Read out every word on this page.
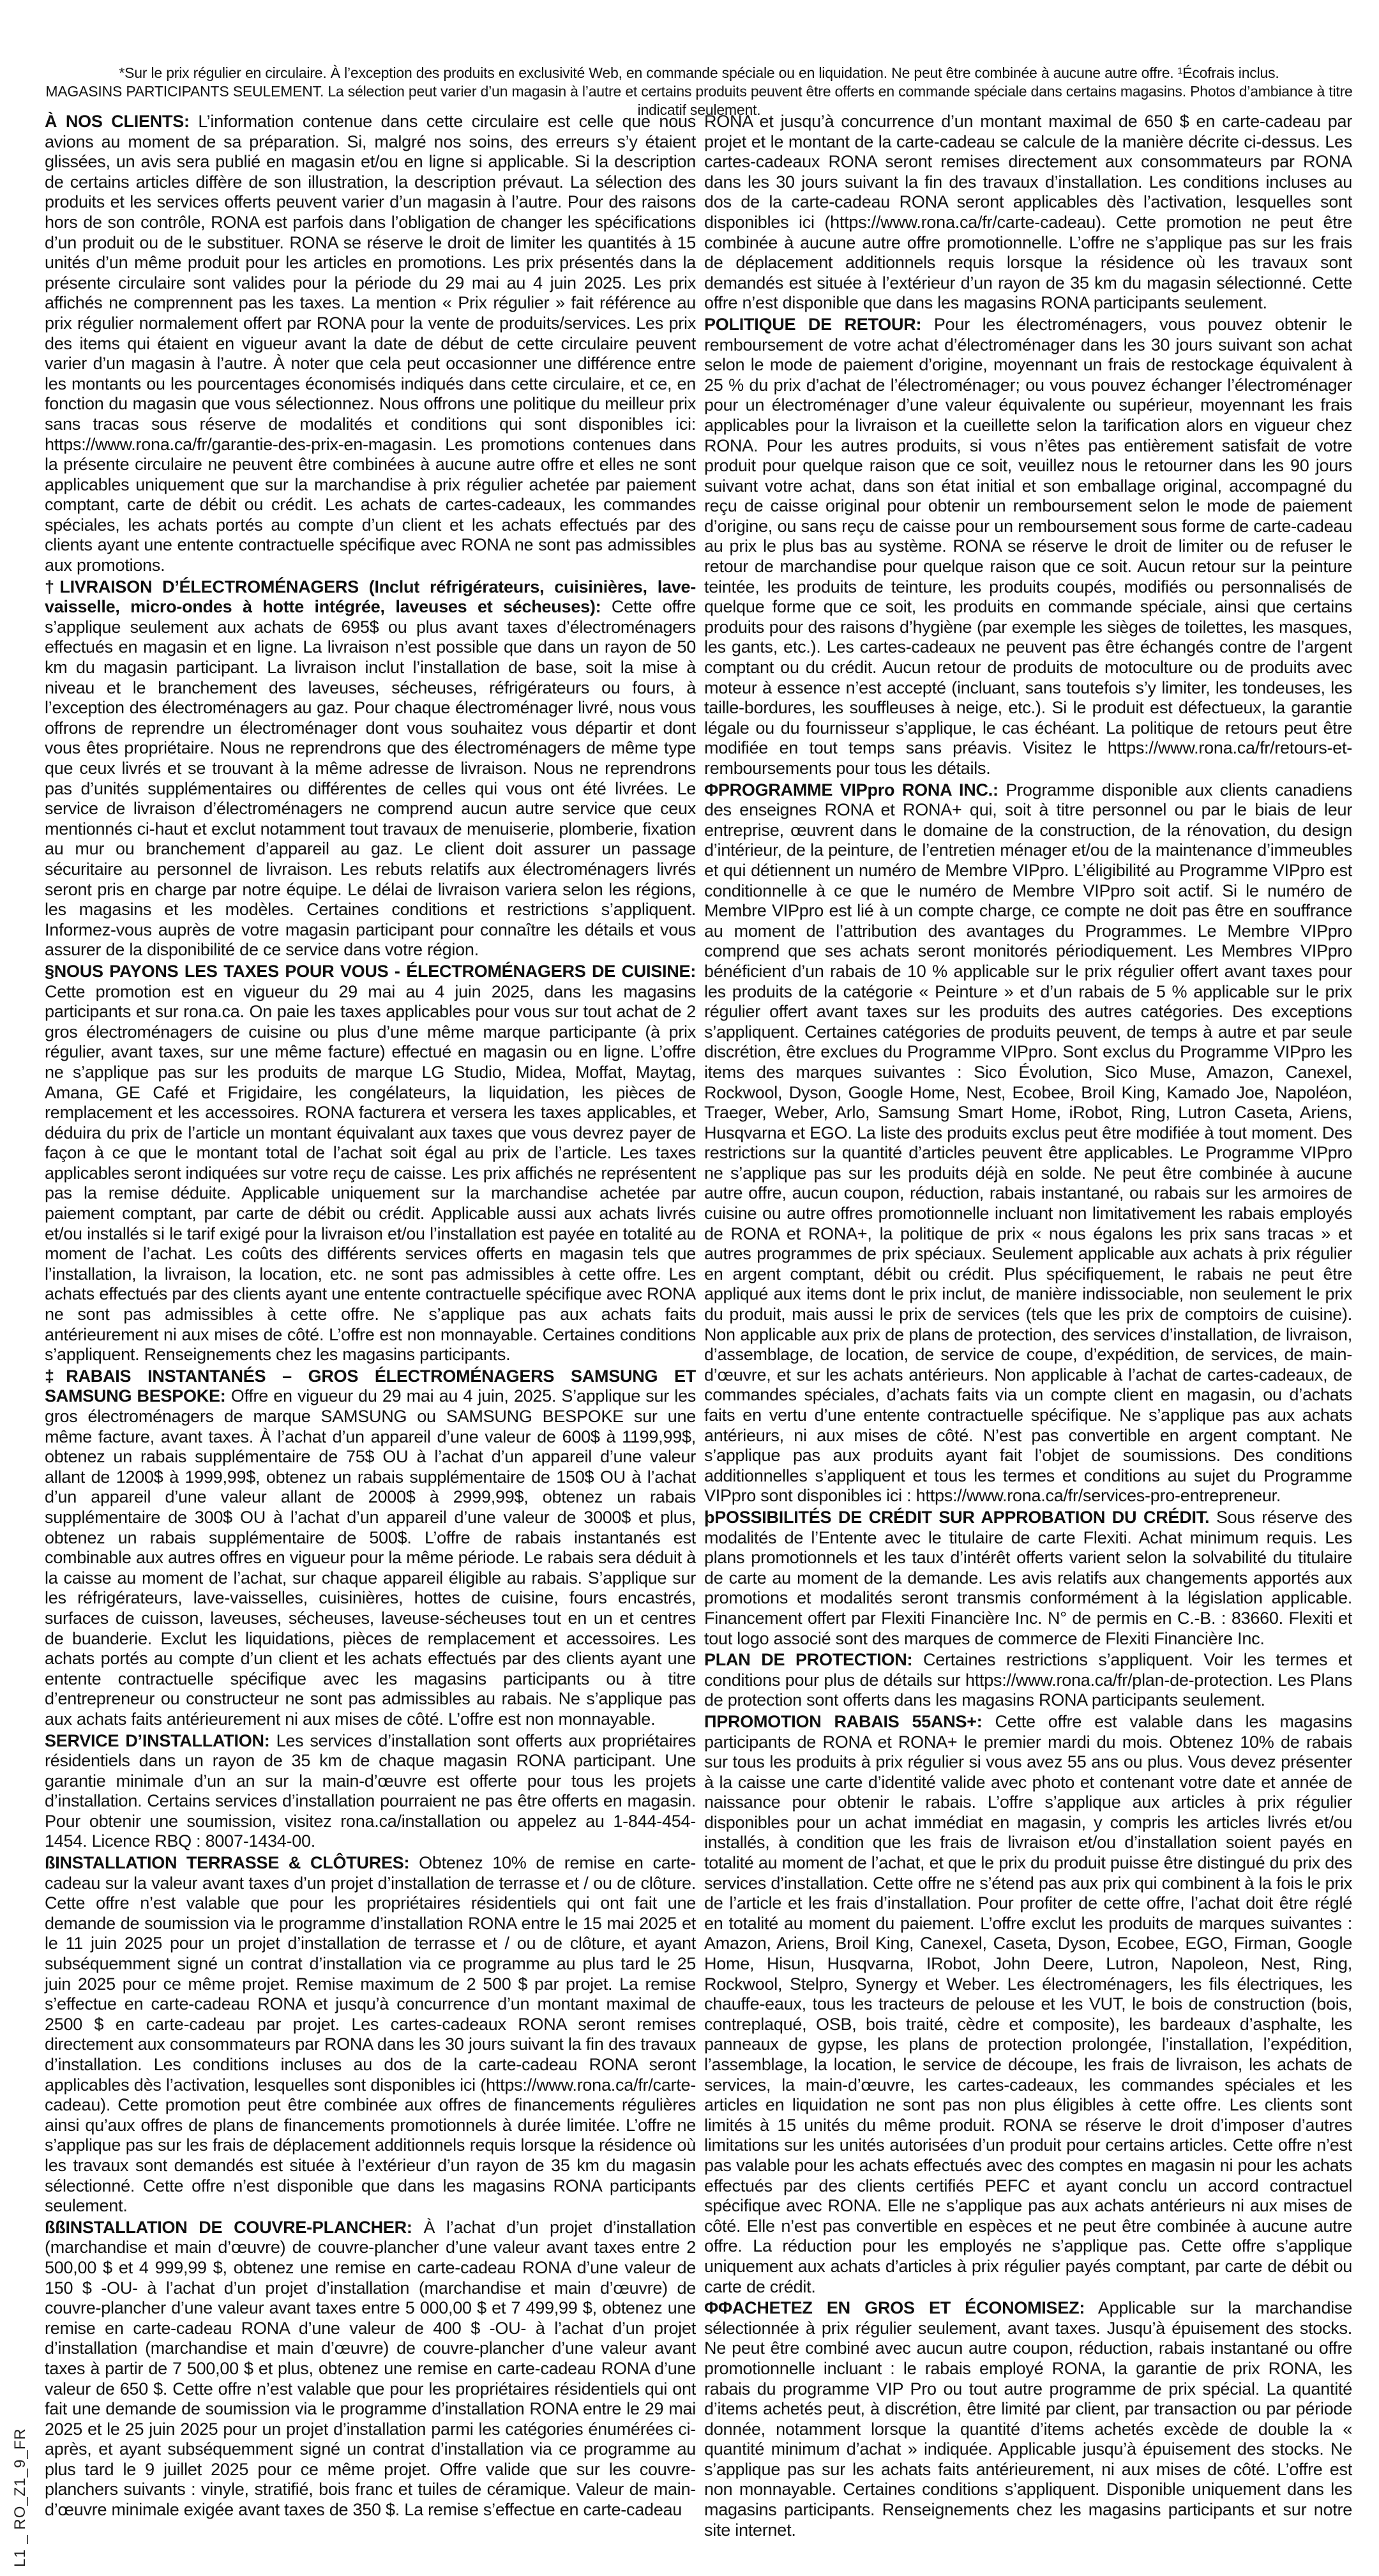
*Sur le prix régulier en circulaire. À l’exception des produits en exclusivité Web, en commande spéciale ou en liquidation. Ne peut être combinée à aucune autre offre. ¹Écofrais inclus.
MAGASINS PARTICIPANTS SEULEMENT. La sélection peut varier d’un magasin à l’autre et certains produits peuvent être offerts en commande spéciale dans certains magasins. Photos d’ambiance à titre indicatif seulement.

À NOS CLIENTS: L’information contenue dans cette circulaire est celle que nous avions au moment de sa préparation. Si, malgré nos soins, des erreurs s’y étaient glissées, un avis sera publié en magasin et/ou en ligne si applicable. Si la description de certains articles diffère de son illustration, la description prévaut. La sélection des produits et les services offerts peuvent varier d’un magasin à l’autre. Pour des raisons hors de son contrôle, RONA est parfois dans l’obligation de changer les spécifications d’un produit ou de le substituer. RONA se réserve le droit de limiter les quantités à 15 unités d’un même produit pour les articles en promotions. Les prix présentés dans la présente circulaire sont valides pour la période du 29 mai au 4 juin 2025. Les prix affichés ne comprennent pas les taxes. La mention « Prix régulier » fait référence au prix régulier normalement offert par RONA pour la vente de produits/services. Les prix des items qui étaient en vigueur avant la date de début de cette circulaire peuvent varier d’un magasin à l’autre. À noter que cela peut occasionner une différence entre les montants ou les pourcentages économisés indiqués dans cette circulaire, et ce, en fonction du magasin que vous sélectionnez. Nous offrons une politique du meilleur prix sans tracas sous réserve de modalités et conditions qui sont disponibles ici: https://www.rona.ca/fr/garantie-des-prix-en-magasin. Les promotions contenues dans la présente circulaire ne peuvent être combinées à aucune autre offre et elles ne sont applicables uniquement que sur la marchandise à prix régulier achetée par paiement comptant, carte de débit ou crédit. Les achats de cartes-cadeaux, les commandes spéciales, les achats portés au compte d’un client et les achats effectués par des clients ayant une entente contractuelle spécifique avec RONA ne sont pas admissibles aux promotions.

†LIVRAISON D’ÉLECTROMÉNAGERS (Inclut réfrigérateurs, cuisinières, lave-vaisselle, micro-ondes à hotte intégrée, laveuses et sécheuses): Cette offre s’applique seulement aux achats de 695$ ou plus avant taxes d’électroménagers effectués en magasin et en ligne. La livraison n’est possible que dans un rayon de 50 km du magasin participant. La livraison inclut l’installation de base, soit la mise à niveau et le branchement des laveuses, sécheuses, réfrigérateurs ou fours, à l’exception des électroménagers au gaz. Pour chaque électroménager livré, nous vous offrons de reprendre un électroménager dont vous souhaitez vous départir et dont vous êtes propriétaire. Nous ne reprendrons que des électroménagers de même type que ceux livrés et se trouvant à la même adresse de livraison. Nous ne reprendrons pas d’unités supplémentaires ou différentes de celles qui vous ont été livrées. Le service de livraison d’électroménagers ne comprend aucun autre service que ceux mentionnés ci-haut et exclut notamment tout travaux de menuiserie, plomberie, fixation au mur ou branchement d’appareil au gaz. Le client doit assurer un passage sécuritaire au personnel de livraison. Les rebuts relatifs aux électroménagers livrés seront pris en charge par notre équipe. Le délai de livraison variera selon les régions, les magasins et les modèles. Certaines conditions et restrictions s’appliquent. Informez-vous auprès de votre magasin participant pour connaître les détails et vous assurer de la disponibilité de ce service dans votre région.

§NOUS PAYONS LES TAXES POUR VOUS - ÉLECTROMÉNAGERS DE CUISINE: Cette promotion est en vigueur du 29 mai au 4 juin 2025, dans les magasins participants et sur rona.ca. On paie les taxes applicables pour vous sur tout achat de 2 gros électroménagers de cuisine ou plus d’une même marque participante (à prix régulier, avant taxes, sur une même facture) effectué en magasin ou en ligne. L’offre ne s’applique pas sur les produits de marque LG Studio, Midea, Moffat, Maytag, Amana, GE Café et Frigidaire, les congélateurs, la liquidation, les pièces de remplacement et les accessoires. RONA facturera et versera les taxes applicables, et déduira du prix de l’article un montant équivalant aux taxes que vous devrez payer de façon à ce que le montant total de l’achat soit égal au prix de l’article. Les taxes applicables seront indiquées sur votre reçu de caisse. Les prix affichés ne représentent pas la remise déduite. Applicable uniquement sur la marchandise achetée par paiement comptant, par carte de débit ou crédit. Applicable aussi aux achats livrés et/ou installés si le tarif exigé pour la livraison et/ou l’installation est payée en totalité au moment de l’achat. Les coûts des différents services offerts en magasin tels que l’installation, la livraison, la location, etc. ne sont pas admissibles à cette offre. Les achats effectués par des clients ayant une entente contractuelle spécifique avec RONA ne sont pas admissibles à cette offre. Ne s’applique pas aux achats faits antérieurement ni aux mises de côté. L’offre est non monnayable. Certaines conditions s’appliquent. Renseignements chez les magasins participants.

‡RABAIS INSTANTANÉS – GROS ÉLECTROMÉNAGERS SAMSUNG ET SAMSUNG BESPOKE: Offre en vigueur du 29 mai au 4 juin, 2025. S’applique sur les gros électroménagers de marque SAMSUNG ou SAMSUNG BESPOKE sur une même facture, avant taxes. À l’achat d’un appareil d’une valeur de 600$ à 1199,99$, obtenez un rabais supplémentaire de 75$ OU à l’achat d’un appareil d’une valeur allant de 1200$ à 1999,99$, obtenez un rabais supplémentaire de 150$ OU à l’achat d’un appareil d’une valeur allant de 2000$ à 2999,99$, obtenez un rabais supplémentaire de 300$ OU à l’achat d’un appareil d’une valeur de 3000$ et plus, obtenez un rabais supplémentaire de 500$. L’offre de rabais instantanés est combinable aux autres offres en vigueur pour la même période. Le rabais sera déduit à la caisse au moment de l’achat, sur chaque appareil éligible au rabais. S’applique sur les réfrigérateurs, lave-vaisselles, cuisinières, hottes de cuisine, fours encastrés, surfaces de cuisson, laveuses, sécheuses, laveuse-sécheuses tout en un et centres de buanderie. Exclut les liquidations, pièces de remplacement et accessoires. Les achats portés au compte d’un client et les achats effectués par des clients ayant une entente contractuelle spécifique avec les magasins participants ou à titre d’entrepreneur ou constructeur ne sont pas admissibles au rabais. Ne s’applique pas aux achats faits antérieurement ni aux mises de côté. L’offre est non monnayable.

SERVICE D’INSTALLATION: Les services d’installation sont offerts aux propriétaires résidentiels dans un rayon de 35 km de chaque magasin RONA participant. Une garantie minimale d’un an sur la main-d’œuvre est offerte pour tous les projets d’installation. Certains services d’installation pourraient ne pas être offerts en magasin. Pour obtenir une soumission, visitez rona.ca/installation ou appelez au 1-844-454-1454. Licence RBQ : 8007-1434-00.

ßINSTALLATION TERRASSE & CLÔTURES: Obtenez 10% de remise en carte-cadeau sur la valeur avant taxes d’un projet d’installation de terrasse et / ou de clôture. Cette offre n’est valable que pour les propriétaires résidentiels qui ont fait une demande de soumission via le programme d’installation RONA entre le 15 mai 2025 et le 11 juin 2025 pour un projet d’installation de terrasse et / ou de clôture, et ayant subséquemment signé un contrat d’installation via ce programme au plus tard le 25 juin 2025 pour ce même projet. Remise maximum de 2 500 $ par projet. La remise s’effectue en carte-cadeau RONA et jusqu’à concurrence d’un montant maximal de 2500 $ en carte-cadeau par projet. Les cartes-cadeaux RONA seront remises directement aux consommateurs par RONA dans les 30 jours suivant la fin des travaux d’installation. Les conditions incluses au dos de la carte-cadeau RONA seront applicables dès l’activation, lesquelles sont disponibles ici (https://www.rona.ca/fr/carte-cadeau). Cette promotion peut être combinée aux offres de financements régulières ainsi qu’aux offres de plans de financements promotionnels à durée limitée. L’offre ne s’applique pas sur les frais de déplacement additionnels requis lorsque la résidence où les travaux sont demandés est située à l’extérieur d’un rayon de 35 km du magasin sélectionné. Cette offre n’est disponible que dans les magasins RONA participants seulement.

ßßINSTALLATION DE COUVRE-PLANCHER: À l’achat d’un projet d’installation (marchandise et main d’œuvre) de couvre-plancher d’une valeur avant taxes entre 2 500,00 $ et 4 999,99 $, obtenez une remise en carte-cadeau RONA d’une valeur de 150 $ -OU- à l’achat d’un projet d’installation (marchandise et main d’œuvre) de couvre-plancher d’une valeur avant taxes entre 5 000,00 $ et 7 499,99 $, obtenez une remise en carte-cadeau RONA d’une valeur de 400 $ -OU- à l’achat d’un projet d’installation (marchandise et main d’œuvre) de couvre-plancher d’une valeur avant taxes à partir de 7 500,00 $ et plus, obtenez une remise en carte-cadeau RONA d’une valeur de 650 $. Cette offre n’est valable que pour les propriétaires résidentiels qui ont fait une demande de soumission via le programme d’installation RONA entre le 29 mai 2025 et le 25 juin 2025 pour un projet d’installation parmi les catégories énumérées ci-après, et ayant subséquemment signé un contrat d’installation via ce programme au plus tard le 9 juillet 2025 pour ce même projet. Offre valide que sur les couvre-planchers suivants : vinyle, stratifié, bois franc et tuiles de céramique. Valeur de main-d’œuvre minimale exigée avant taxes de 350 $. La remise s’effectue en carte-cadeau

RONA et jusqu’à concurrence d’un montant maximal de 650 $ en carte-cadeau par projet et le montant de la carte-cadeau se calcule de la manière décrite ci-dessus. Les cartes-cadeaux RONA seront remises directement aux consommateurs par RONA dans les 30 jours suivant la fin des travaux d’installation. Les conditions incluses au dos de la carte-cadeau RONA seront applicables dès l’activation, lesquelles sont disponibles ici (https://www.rona.ca/fr/carte-cadeau). Cette promotion ne peut être combinée à aucune autre offre promotionnelle. L’offre ne s’applique pas sur les frais de déplacement additionnels requis lorsque la résidence où les travaux sont demandés est située à l’extérieur d’un rayon de 35 km du magasin sélectionné. Cette offre n’est disponible que dans les magasins RONA participants seulement.

POLITIQUE DE RETOUR: Pour les électroménagers, vous pouvez obtenir le remboursement de votre achat d’électroménager dans les 30 jours suivant son achat selon le mode de paiement d’origine, moyennant un frais de restockage équivalent à 25 % du prix d’achat de l’électroménager; ou vous pouvez échanger l’électroménager pour un électroménager d’une valeur équivalente ou supérieur, moyennant les frais applicables pour la livraison et la cueillette selon la tarification alors en vigueur chez RONA. Pour les autres produits, si vous n’êtes pas entièrement satisfait de votre produit pour quelque raison que ce soit, veuillez nous le retourner dans les 90 jours suivant votre achat, dans son état initial et son emballage original, accompagné du reçu de caisse original pour obtenir un remboursement selon le mode de paiement d’origine, ou sans reçu de caisse pour un remboursement sous forme de carte-cadeau au prix le plus bas au système. RONA se réserve le droit de limiter ou de refuser le retour de marchandise pour quelque raison que ce soit. Aucun retour sur la peinture teintée, les produits de teinture, les produits coupés, modifiés ou personnalisés de quelque forme que ce soit, les produits en commande spéciale, ainsi que certains produits pour des raisons d’hygiène (par exemple les sièges de toilettes, les masques, les gants, etc.). Les cartes-cadeaux ne peuvent pas être échangés contre de l’argent comptant ou du crédit. Aucun retour de produits de motoculture ou de produits avec moteur à essence n’est accepté (incluant, sans toutefois s’y limiter, les tondeuses, les taille-bordures, les souffleuses à neige, etc.). Si le produit est défectueux, la garantie légale ou du fournisseur s’applique, le cas échéant. La politique de retours peut être modifiée en tout temps sans préavis. Visitez le https://www.rona.ca/fr/retours-et-remboursements pour tous les détails.

ΦPROGRAMME VIPpro RONA INC.: Programme disponible aux clients canadiens des enseignes RONA et RONA+ qui, soit à titre personnel ou par le biais de leur entreprise, œuvrent dans le domaine de la construction, de la rénovation, du design d’intérieur, de la peinture, de l’entretien ménager et/ou de la maintenance d’immeubles et qui détiennent un numéro de Membre VIPpro. L’éligibilité au Programme VIPpro est conditionnelle à ce que le numéro de Membre VIPpro soit actif. Si le numéro de Membre VIPpro est lié à un compte charge, ce compte ne doit pas être en souffrance au moment de l’attribution des avantages du Programmes. Le Membre VIPpro comprend que ses achats seront monitorés périodiquement. Les Membres VIPpro bénéficient d’un rabais de 10 % applicable sur le prix régulier offert avant taxes pour les produits de la catégorie « Peinture » et d’un rabais de 5 % applicable sur le prix régulier offert avant taxes sur les produits des autres catégories. Des exceptions s’appliquent. Certaines catégories de produits peuvent, de temps à autre et par seule discrétion, être exclues du Programme VIPpro. Sont exclus du Programme VIPpro les items des marques suivantes : Sico Évolution, Sico Muse, Amazon, Canexel, Rockwool, Dyson, Google Home, Nest, Ecobee, Broil King, Kamado Joe, Napoléon, Traeger, Weber, Arlo, Samsung Smart Home, iRobot, Ring, Lutron Caseta, Ariens, Husqvarna et EGO. La liste des produits exclus peut être modifiée à tout moment. Des restrictions sur la quantité d’articles peuvent être applicables. Le Programme VIPpro ne s’applique pas sur les produits déjà en solde. Ne peut être combinée à aucune autre offre, aucun coupon, réduction, rabais instantané, ou rabais sur les armoires de cuisine ou autre offres promotionnelle incluant non limitativement les rabais employés de RONA et RONA+, la politique de prix « nous égalons les prix sans tracas » et autres programmes de prix spéciaux. Seulement applicable aux achats à prix régulier en argent comptant, débit ou crédit. Plus spécifiquement, le rabais ne peut être appliqué aux items dont le prix inclut, de manière indissociable, non seulement le prix du produit, mais aussi le prix de services (tels que les prix de comptoirs de cuisine). Non applicable aux prix de plans de protection, des services d’installation, de livraison, d’assemblage, de location, de service de coupe, d’expédition, de services, de main-d’œuvre, et sur les achats antérieurs. Non applicable à l’achat de cartes-cadeaux, de commandes spéciales, d’achats faits via un compte client en magasin, ou d’achats faits en vertu d’une entente contractuelle spécifique. Ne s’applique pas aux achats antérieurs, ni aux mises de côté. N’est pas convertible en argent comptant. Ne s’applique pas aux produits ayant fait l’objet de soumissions. Des conditions additionnelles s’appliquent et tous les termes et conditions au sujet du Programme VIPpro sont disponibles ici : https://www.rona.ca/fr/services-pro-entrepreneur.

þPOSSIBILITÉS DE CRÉDIT SUR APPROBATION DU CRÉDIT. Sous réserve des modalités de l’Entente avec le titulaire de carte Flexiti. Achat minimum requis. Les plans promotionnels et les taux d’intérêt offerts varient selon la solvabilité du titulaire de carte au moment de la demande. Les avis relatifs aux changements apportés aux promotions et modalités seront transmis conformément à la législation applicable. Financement offert par Flexiti Financière Inc. N° de permis en C.-B. : 83660. Flexiti et tout logo associé sont des marques de commerce de Flexiti Financière Inc.

PLAN DE PROTECTION: Certaines restrictions s’appliquent. Voir les termes et conditions pour plus de détails sur https://www.rona.ca/fr/plan-de-protection. Les Plans de protection sont offerts dans les magasins RONA participants seulement.

ΠPROMOTION RABAIS 55ANS+: Cette offre est valable dans les magasins participants de RONA et RONA+ le premier mardi du mois. Obtenez 10% de rabais sur tous les produits à prix régulier si vous avez 55 ans ou plus. Vous devez présenter à la caisse une carte d’identité valide avec photo et contenant votre date et année de naissance pour obtenir le rabais. L’offre s’applique aux articles à prix régulier disponibles pour un achat immédiat en magasin, y compris les articles livrés et/ou installés, à condition que les frais de livraison et/ou d’installation soient payés en totalité au moment de l’achat, et que le prix du produit puisse être distingué du prix des services d’installation. Cette offre ne s’étend pas aux prix qui combinent à la fois le prix de l’article et les frais d’installation. Pour profiter de cette offre, l’achat doit être réglé en totalité au moment du paiement. L’offre exclut les produits de marques suivantes : Amazon, Ariens, Broil King, Canexel, Caseta, Dyson, Ecobee, EGO, Firman, Google Home, Hisun, Husqvarna, IRobot, John Deere, Lutron, Napoleon, Nest, Ring, Rockwool, Stelpro, Synergy et Weber. Les électroménagers, les fils électriques, les chauffe-eaux, tous les tracteurs de pelouse et les VUT, le bois de construction (bois, contreplaqué, OSB, bois traité, cèdre et composite), les bardeaux d’asphalte, les panneaux de gypse, les plans de protection prolongée, l’installation, l’expédition, l’assemblage, la location, le service de découpe, les frais de livraison, les achats de services, la main-d’œuvre, les cartes-cadeaux, les commandes spéciales et les articles en liquidation ne sont pas non plus éligibles à cette offre. Les clients sont limités à 15 unités du même produit. RONA se réserve le droit d’imposer d’autres limitations sur les unités autorisées d’un produit pour certains articles. Cette offre n’est pas valable pour les achats effectués avec des comptes en magasin ni pour les achats effectués par des clients certifiés PEFC et ayant conclu un accord contractuel spécifique avec RONA. Elle ne s’applique pas aux achats antérieurs ni aux mises de côté. Elle n’est pas convertible en espèces et ne peut être combinée à aucune autre offre. La réduction pour les employés ne s’applique pas. Cette offre s’applique uniquement aux achats d’articles à prix régulier payés comptant, par carte de débit ou carte de crédit.

ΦΦACHETEZ EN GROS ET ÉCONOMISEZ: Applicable sur la marchandise sélectionnée à prix régulier seulement, avant taxes. Jusqu’à épuisement des stocks. Ne peut être combiné avec aucun autre coupon, réduction, rabais instantané ou offre promotionnelle incluant : le rabais employé RONA, la garantie de prix RONA, les rabais du programme VIP Pro ou tout autre programme de prix spécial. La quantité d’items achetés peut, à discrétion, être limité par client, par transaction ou par période donnée, notamment lorsque la quantité d’items achetés excède de double la « quantité minimum d’achat » indiquée. Applicable jusqu’à épuisement des stocks. Ne s’applique pas sur les achats faits antérieurement, ni aux mises de côté. L’offre est non monnayable. Certaines conditions s’appliquent. Disponible uniquement dans les magasins participants. Renseignements chez les magasins participants et sur notre site internet.

L1 _ RO_Z1_9_FR
